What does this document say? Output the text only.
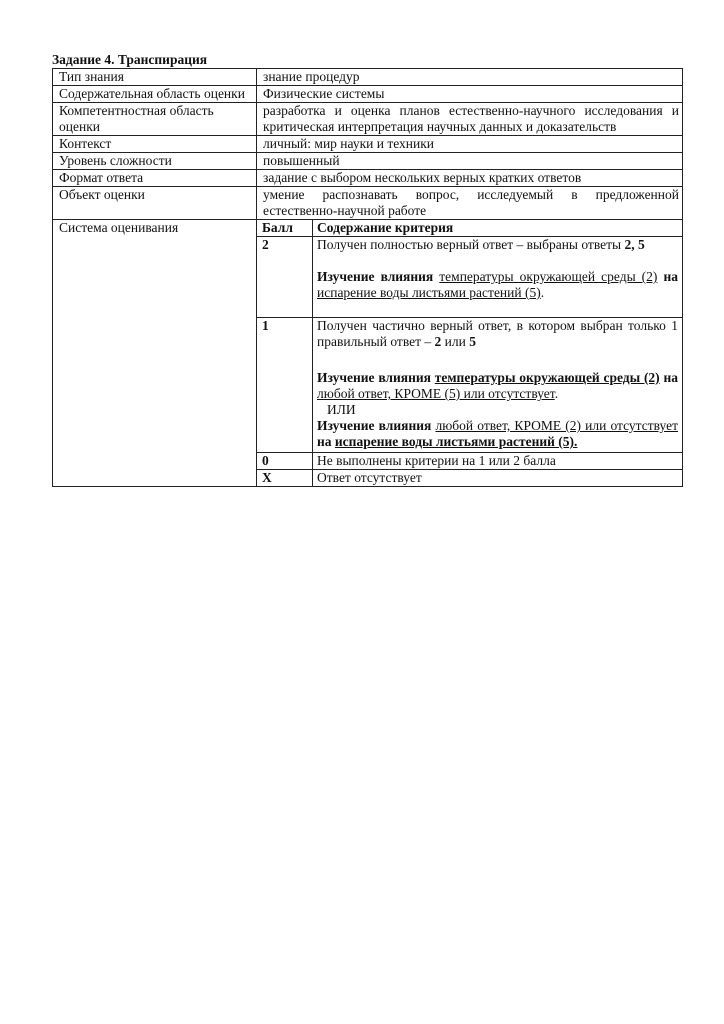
Задание 4. Транспирация
Тип знания	знание процедур
Содержательная область оценки	Физические системы
Компетентностная область оценки	разработка и оценка планов естественно-научного исследования и критическая интерпретация научных данных и доказательств
Контекст	личный: мир науки и техники
Уровень сложности	повышенный
Формат ответа	задание с выбором нескольких верных кратких ответов
Объект оценки	умение распознавать вопрос, исследуемый в предложенной естественно-научной работе
Система оценивания		Балл	Содержание критерия
2	Получен полностью верный ответ – выбраны ответы 2, 5
Изучение влияния температуры окружающей среды (2) на испарение воды листьями растений (5).

1	Получен частично верный ответ, в котором выбран только 1 правильный ответ – 2 или 5
Изучение влияния температуры окружающей среды (2) на любой ответ, КРОМЕ (5) или отсутствует.
ИЛИ
Изучение влияния любой ответ, КРОМЕ (2) или отсутствует на испарение воды листьями растений (5).

0	Не выполнены критерии на 1 или 2 балла
Х	Ответ отсутствует
